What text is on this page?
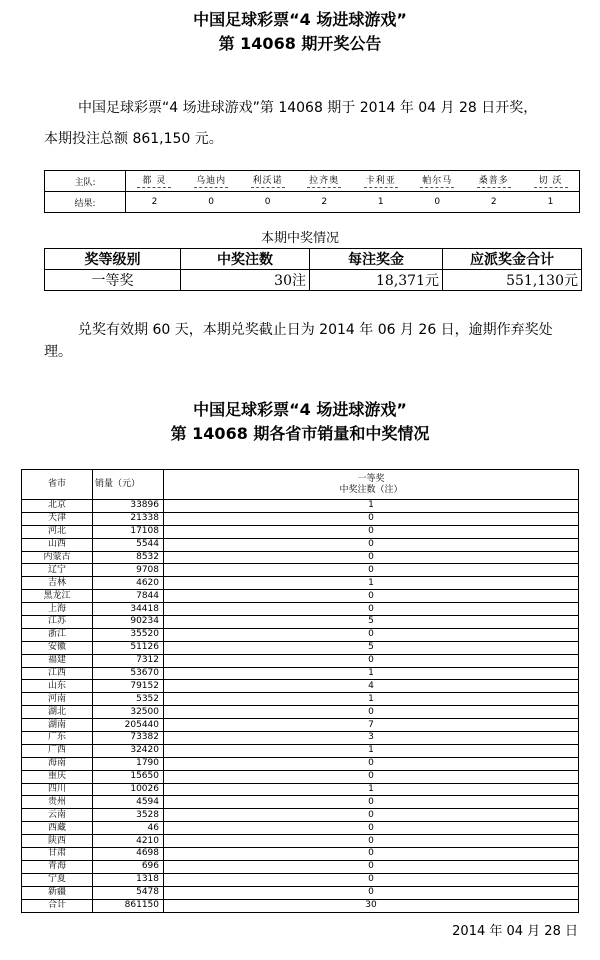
中国足球彩票“4 场进球游戏”
第 14068 期开奖公告
中国足球彩票“4 场进球游戏”第 14068 期于 2014 年 04 月 28 日开奖，
本期投注总额 861,150 元。
主队:	都 灵	乌迪内	利沃诺	拉齐奥	卡利亚	帕尔马	桑普多	切 沃

结果:	2	0	0	2	1	0	2	1
本期中奖情况
奖等级别	中奖注数	每注奖金	应派奖金合计
一等奖	30注	18,371元	551,130元
兑奖有效期 60 天，本期兑奖截止日为 2014 年 06 月 26 日，逾期作弃奖处
理。
中国足球彩票“4 场进球游戏”
第 14068 期各省市销量和中奖情况
省市	销量（元）	一等奖
中奖注数（注）

北京	33896	1
天津	21338	0
河北	17108	0
山西	5544	0
内蒙古	8532	0
辽宁	9708	0
吉林	4620	1
黑龙江	7844	0
上海	34418	0
江苏	90234	5
浙江	35520	0
安徽	51126	5
福建	7312	0
江西	53670	1
山东	79152	4
河南	5352	1
湖北	32500	0
湖南	205440	7
广东	73382	3
广西	32420	1
海南	1790	0
重庆	15650	0
四川	10026	1
贵州	4594	0
云南	3528	0
西藏	46	0
陕西	4210	0
甘肃	4698	0
青海	696	0
宁夏	1318	0
新疆	5478	0
合计	861150	30
2014 年 04 月 28 日
